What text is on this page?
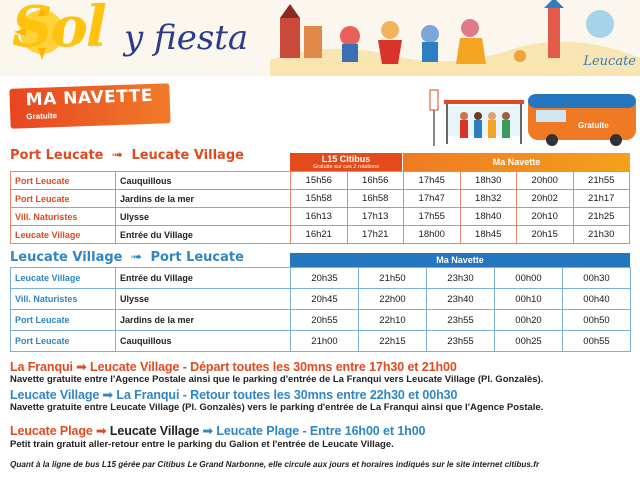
Sol y fiesta
Leucate
MA NAVETTE
Gratuite
Gratuite
Port Leucate ➟ Leucate Village	L15 Citibus
Gratuite sur ces 2 rotations	Ma Navette
Port Leucate	Cauquillous	15h56	16h56	17h45	18h30	20h00	21h55
Port Leucate	Jardins de la mer	15h58	16h58	17h47	18h32	20h02	21h17
Vill. Naturistes	Ulysse	16h13	17h13	17h55	18h40	20h10	21h25
Leucate Village	Entrée du Village	16h21	17h21	18h00	18h45	20h15	21h30
Leucate Village ➟ Port Leucate	Ma Navette
Leucate Village	Entrée du Village	20h35	21h50	23h30	00h00	00h30
Vill. Naturistes	Ulysse	20h45	22h00	23h40	00h10	00h40
Port Leucate	Jardins de la mer	20h55	22h10	23h55	00h20	00h50
Port Leucate	Cauquillous	21h00	22h15	23h55	00h25	00h55
La Franqui ➟ Leucate Village - Départ toutes les 30mns entre 17h30 et 21h00
Navette gratuite entre l'Agence Postale ainsi que le parking d'entrée de La Franqui vers Leucate Village (Pl. Gonzalès).
Leucate Village ➟ La Franqui - Retour toutes les 30mns entre 22h30 et 00h30
Navette gratuite entre Leucate Village (Pl. Gonzalès) vers le parking d'entrée de La Franqui ainsi que l'Agence Postale.
Leucate Plage ➟ Leucate Village ➟ Leucate Plage - Entre 16h00 et 1h00
Petit train gratuit aller-retour entre le parking du Galion et l'entrée de Leucate Village.
Quant à la ligne de bus L15 gérée par Citibus Le Grand Narbonne, elle circule aux jours et horaires indiqués sur le site internet citibus.fr
